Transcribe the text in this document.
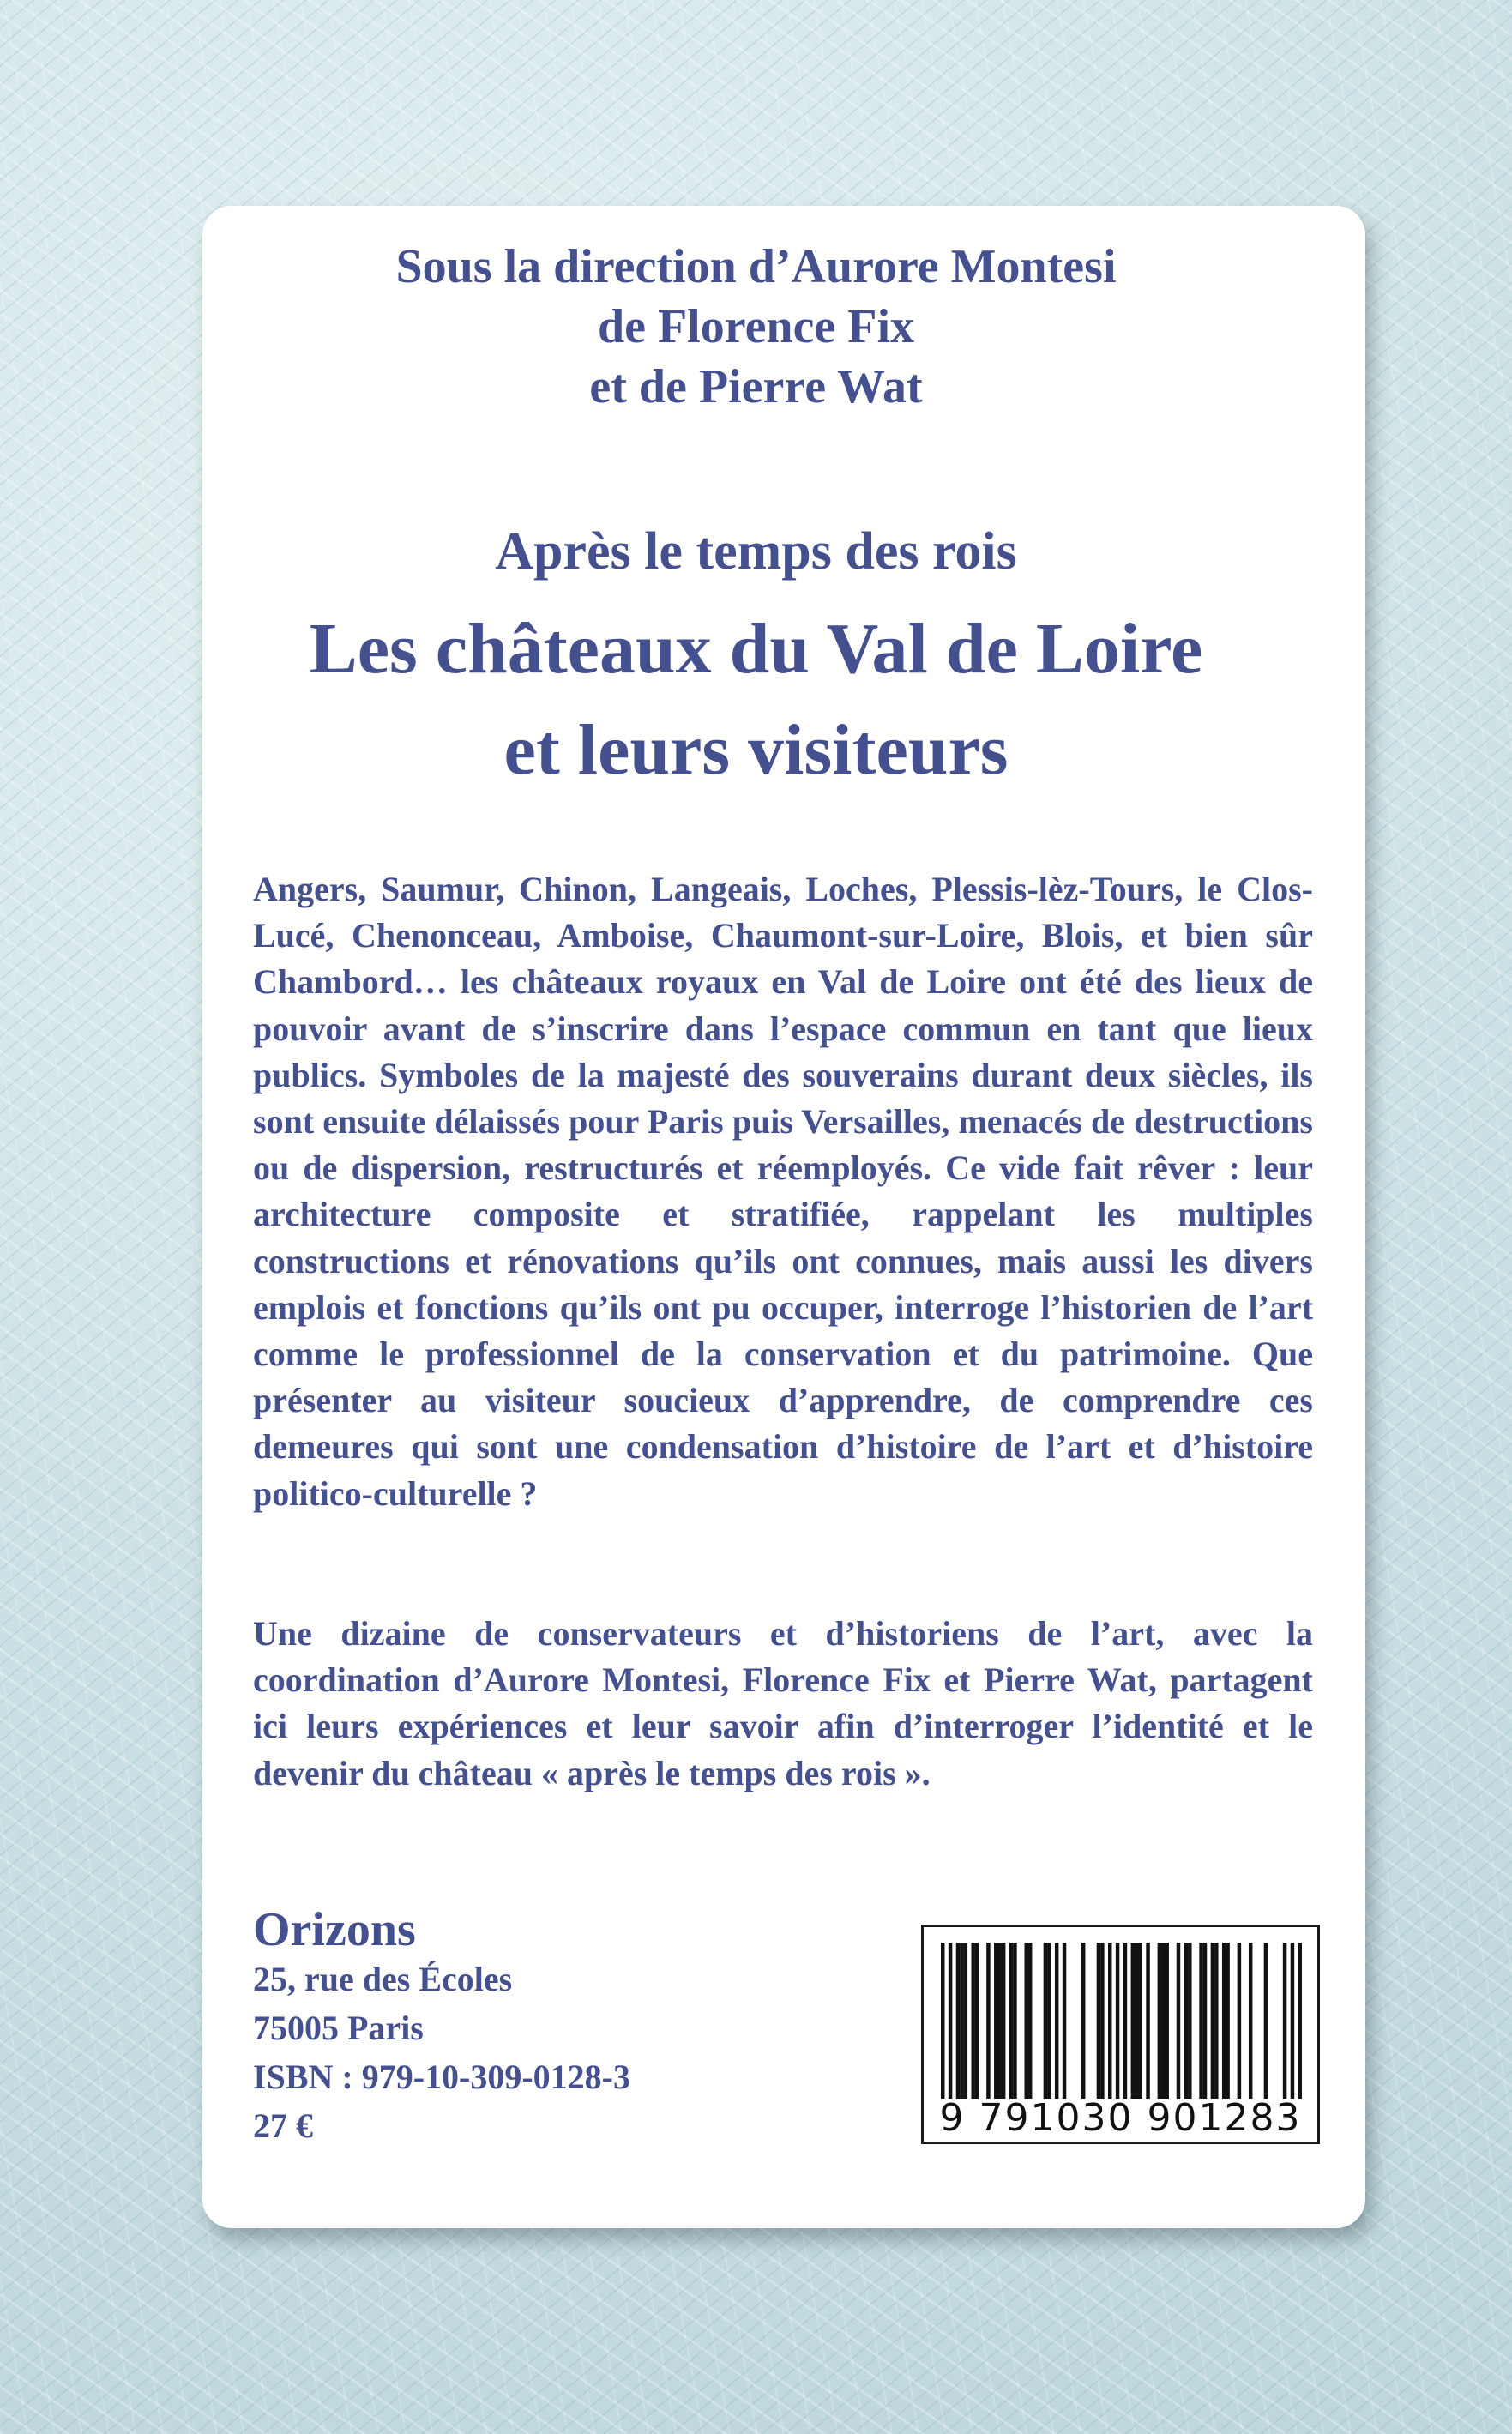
Sous la direction d’Aurore Montesi
de Florence Fix
et de Pierre Wat
Après le temps des rois
Les châteaux du Val de Loire
et leurs visiteurs
Angers, Saumur, Chinon, Langeais, Loches, Plessis-lèz-Tours, le Clos-Lucé, Chenonceau, Amboise, Chaumont-sur-Loire, Blois, et bien sûr Chambord… les châteaux royaux en Val de Loire ont été des lieux de pouvoir avant de s’inscrire dans l’espace commun en tant que lieux publics. Symboles de la majesté des souverains durant deux siècles, ils sont ensuite délaissés pour Paris puis Versailles, menacés de destructions ou de dispersion, restructurés et réemployés. Ce vide fait rêver : leur architecture composite et stratifiée, rappelant les multiples constructions et rénovations qu’ils ont connues, mais aussi les divers emplois et fonctions qu’ils ont pu occuper, interroge l’historien de l’art comme le professionnel de la conservation et du patrimoine. Que présenter au visiteur soucieux d’apprendre, de comprendre ces demeures qui sont une condensation d’histoire de l’art et d’histoire politico-culturelle ?
Une dizaine de conservateurs et d’historiens de l’art, avec la coordination d’Aurore Montesi, Florence Fix et Pierre Wat, partagent ici leurs expériences et leur savoir afin d’interroger l’identité et le devenir du château « après le temps des rois ».
Orizons
25, rue des Écoles
75005 Paris
ISBN : 979-10-309-0128-3
27 €	9 791030 901283
